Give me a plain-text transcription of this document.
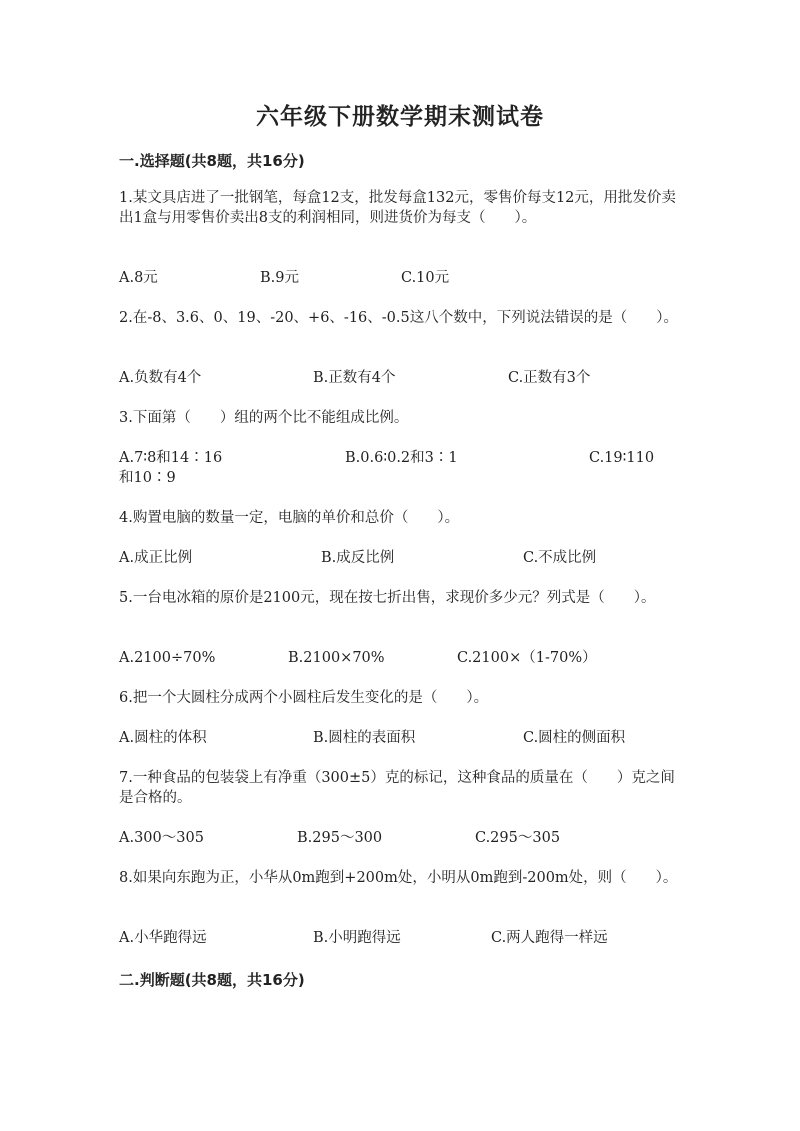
六年级下册数学期末测试卷
一.选择题(共8题，共16分)
1.某文具店进了一批钢笔，每盒12支，批发每盒132元，零售价每支12元，用批发价卖出1盒与用零售价卖出8支的利润相同，则进货价为每支（　　）。
A.8元	B.9元	C.10元
2.在-8、3.6、0、19、-20、+6、-16、-0.5这八个数中，下列说法错误的是（　　）。
A.负数有4个	B.正数有4个	C.正数有3个
3.下面第（　　）组的两个比不能组成比例。
A.7∶8和14∶16	B.0.6∶0.2和3∶1	C.19∶110
和10∶9
4.购置电脑的数量一定，电脑的单价和总价（　　）。
A.成正比例	B.成反比例	C.不成比例
5.一台电冰箱的原价是2100元，现在按七折出售，求现价多少元？列式是（　　）。
A.2100÷70%	B.2100×70%	C.2100×（1-70%）
6.把一个大圆柱分成两个小圆柱后发生变化的是（　　）。
A.圆柱的体积	B.圆柱的表面积	C.圆柱的侧面积
7.一种食品的包装袋上有净重（300±5）克的标记，这种食品的质量在（　　）克之间是合格的。
A.300～305	B.295～300	C.295～305
8.如果向东跑为正，小华从0m跑到+200m处，小明从0m跑到-200m处，则（　　）。
A.小华跑得远	B.小明跑得远	C.两人跑得一样远
二.判断题(共8题，共16分)
